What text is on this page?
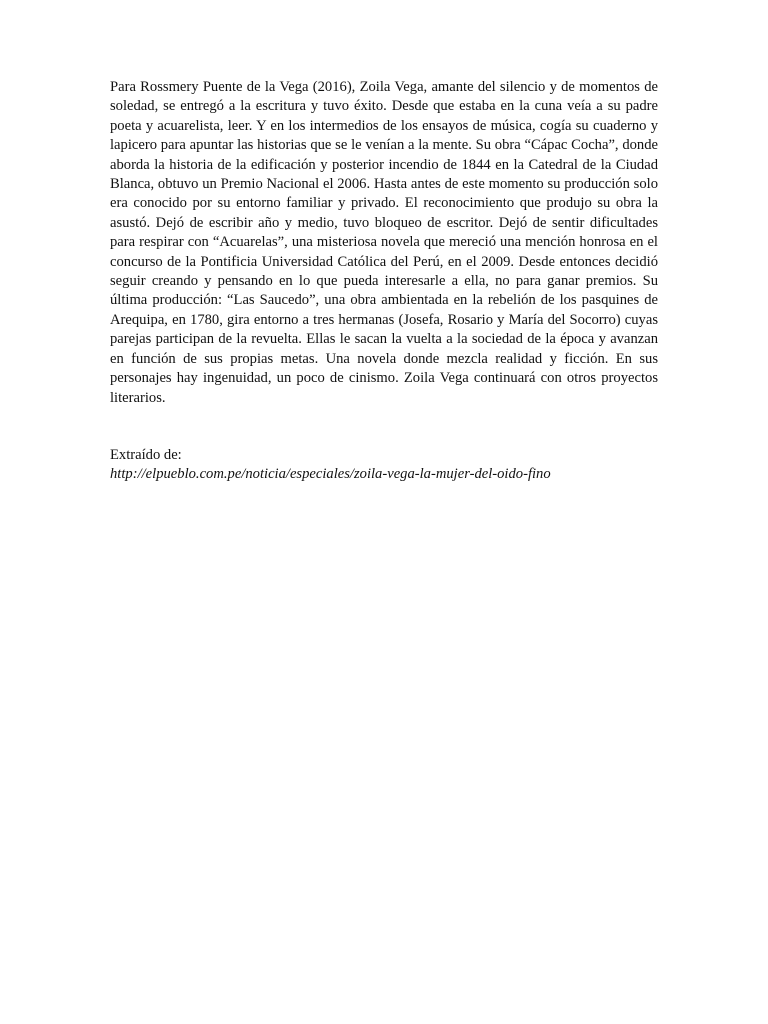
Para Rossmery Puente de la Vega (2016), Zoila Vega, amante del silencio y de momentos de soledad, se entregó a la escritura y tuvo éxito. Desde que estaba en la cuna veía a su padre poeta y acuarelista, leer. Y en los intermedios de los ensayos de música, cogía su cuaderno y lapicero para apuntar las historias que se le venían a la mente. Su obra “Cápac Cocha”, donde aborda la historia de la edificación y posterior incendio de 1844 en la Catedral de la Ciudad Blanca, obtuvo un Premio Nacional el 2006. Hasta antes de este momento su producción solo era conocido por su entorno familiar y privado. El reconocimiento que produjo su obra la asustó. Dejó de escribir año y medio, tuvo bloqueo de escritor. Dejó de sentir dificultades para respirar con “Acuarelas”, una misteriosa novela que mereció una mención honrosa en el concurso de la Pontificia Universidad Católica del Perú, en el 2009. Desde entonces decidió seguir creando y pensando en lo que pueda interesarle a ella, no para ganar premios. Su última producción: “Las Saucedo”, una obra ambientada en la rebelión de los pasquines de Arequipa, en 1780, gira entorno a tres hermanas (Josefa, Rosario y María del Socorro) cuyas parejas participan de la revuelta. Ellas le sacan la vuelta a la sociedad de la época y avanzan en función de sus propias metas. Una novela donde mezcla realidad y ficción. En sus personajes hay ingenuidad, un poco de cinismo. Zoila Vega continuará con otros proyectos literarios.

Extraído de:

http://elpueblo.com.pe/noticia/especiales/zoila-vega-la-mujer-del-oido-fino
